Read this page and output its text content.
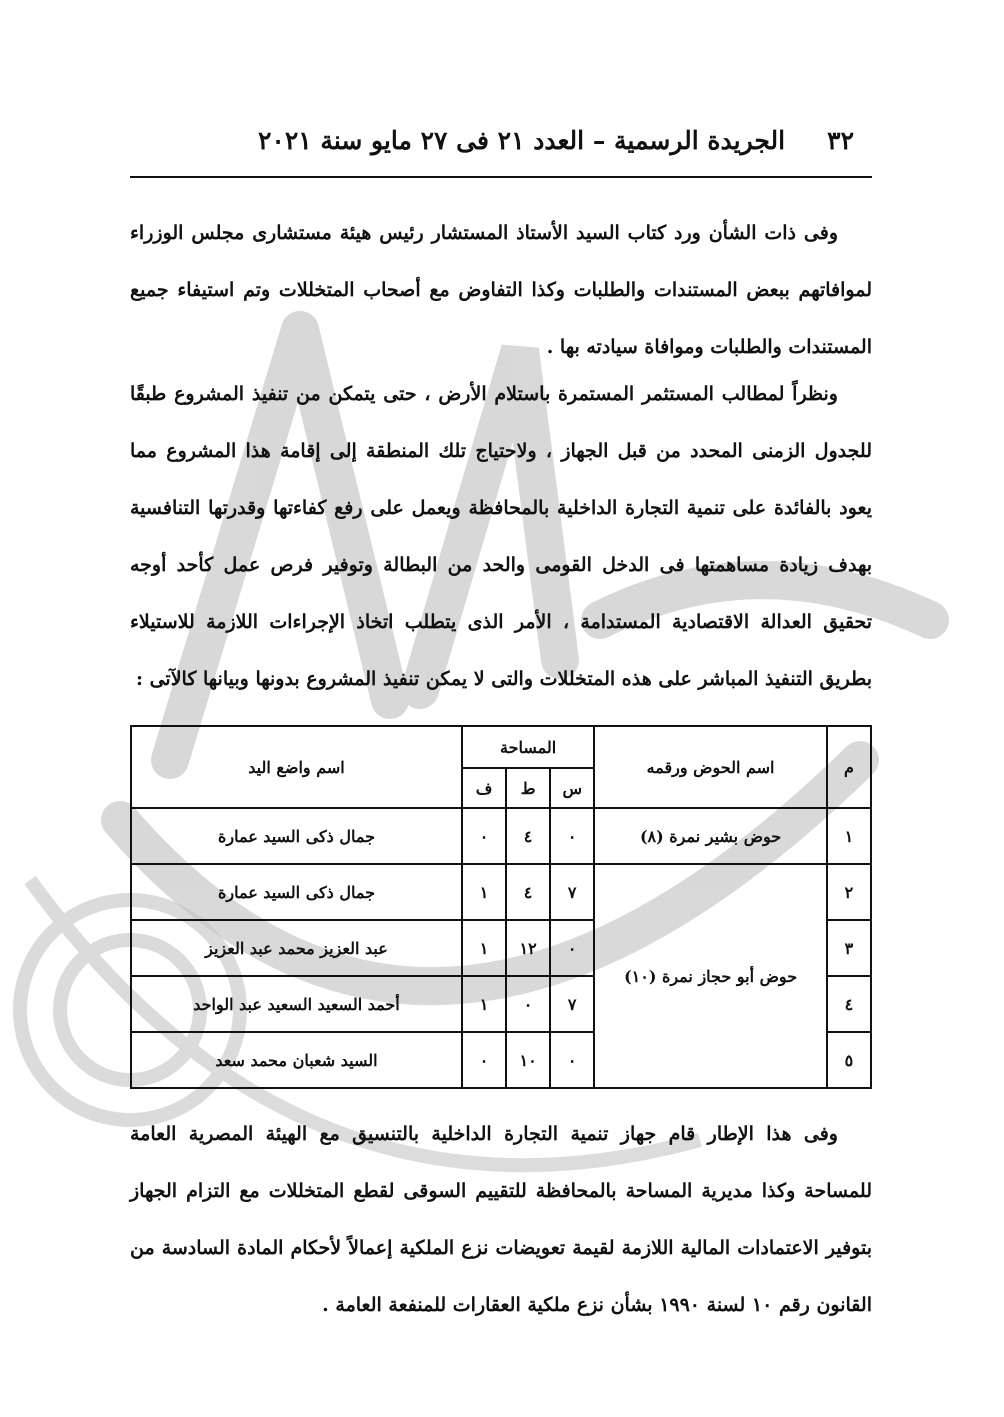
٣٢
الجريدة الرسمية – العدد ٢١ فى ٢٧ مايو سنة ٢٠٢١
وفى ذات الشأن ورد كتاب السيد الأستاذ المستشار رئيس هيئة مستشارى مجلس الوزراء لموافاتهم ببعض المستندات والطلبات وكذا التفاوض مع أصحاب المتخللات وتم استيفاء جميع المستندات والطلبات وموافاة سيادته بها .
ونظراً لمطالب المستثمر المستمرة باستلام الأرض ، حتى يتمكن من تنفيذ المشروع طبقًا للجدول الزمنى المحدد من قبل الجهاز ، ولاحتياج تلك المنطقة إلى إقامة هذا المشروع مما يعود بالفائدة على تنمية التجارة الداخلية بالمحافظة ويعمل على رفع كفاءتها وقدرتها التنافسية بهدف زيادة مساهمتها فى الدخل القومى والحد من البطالة وتوفير فرص عمل كأحد أوجه تحقيق العدالة الاقتصادية المستدامة ، الأمر الذى يتطلب اتخاذ الإجراءات اللازمة للاستيلاء بطريق التنفيذ المباشر على هذه المتخللات والتى لا يمكن تنفيذ المشروع بدونها وبيانها كالآتى :
م	اسم الحوض ورقمه	المساحة			اسم واضع اليد
		س	ط	ف	
١	حوض بشير نمرة (٨)	٠	٤	٠	جمال ذكى السيد عمارة
٢	حوض أبو حجاز نمرة (١٠)	٧	٤	١	جمال ذكى السيد عمارة
٣		٠	١٢	١	عبد العزيز محمد عبد العزيز
٤		٧	٠	١	أحمد السعيد السعيد عبد الواحد
٥		٠	١٠	٠	السيد شعبان محمد سعد
وفى هذا الإطار قام جهاز تنمية التجارة الداخلية بالتنسيق مع الهيئة المصرية العامة للمساحة وكذا مديرية المساحة بالمحافظة للتقييم السوقى لقطع المتخللات مع التزام الجهاز بتوفير الاعتمادات المالية اللازمة لقيمة تعويضات نزع الملكية إعمالاً لأحكام المادة السادسة من القانون رقم ١٠ لسنة ١٩٩٠ بشأن نزع ملكية العقارات للمنفعة العامة .
